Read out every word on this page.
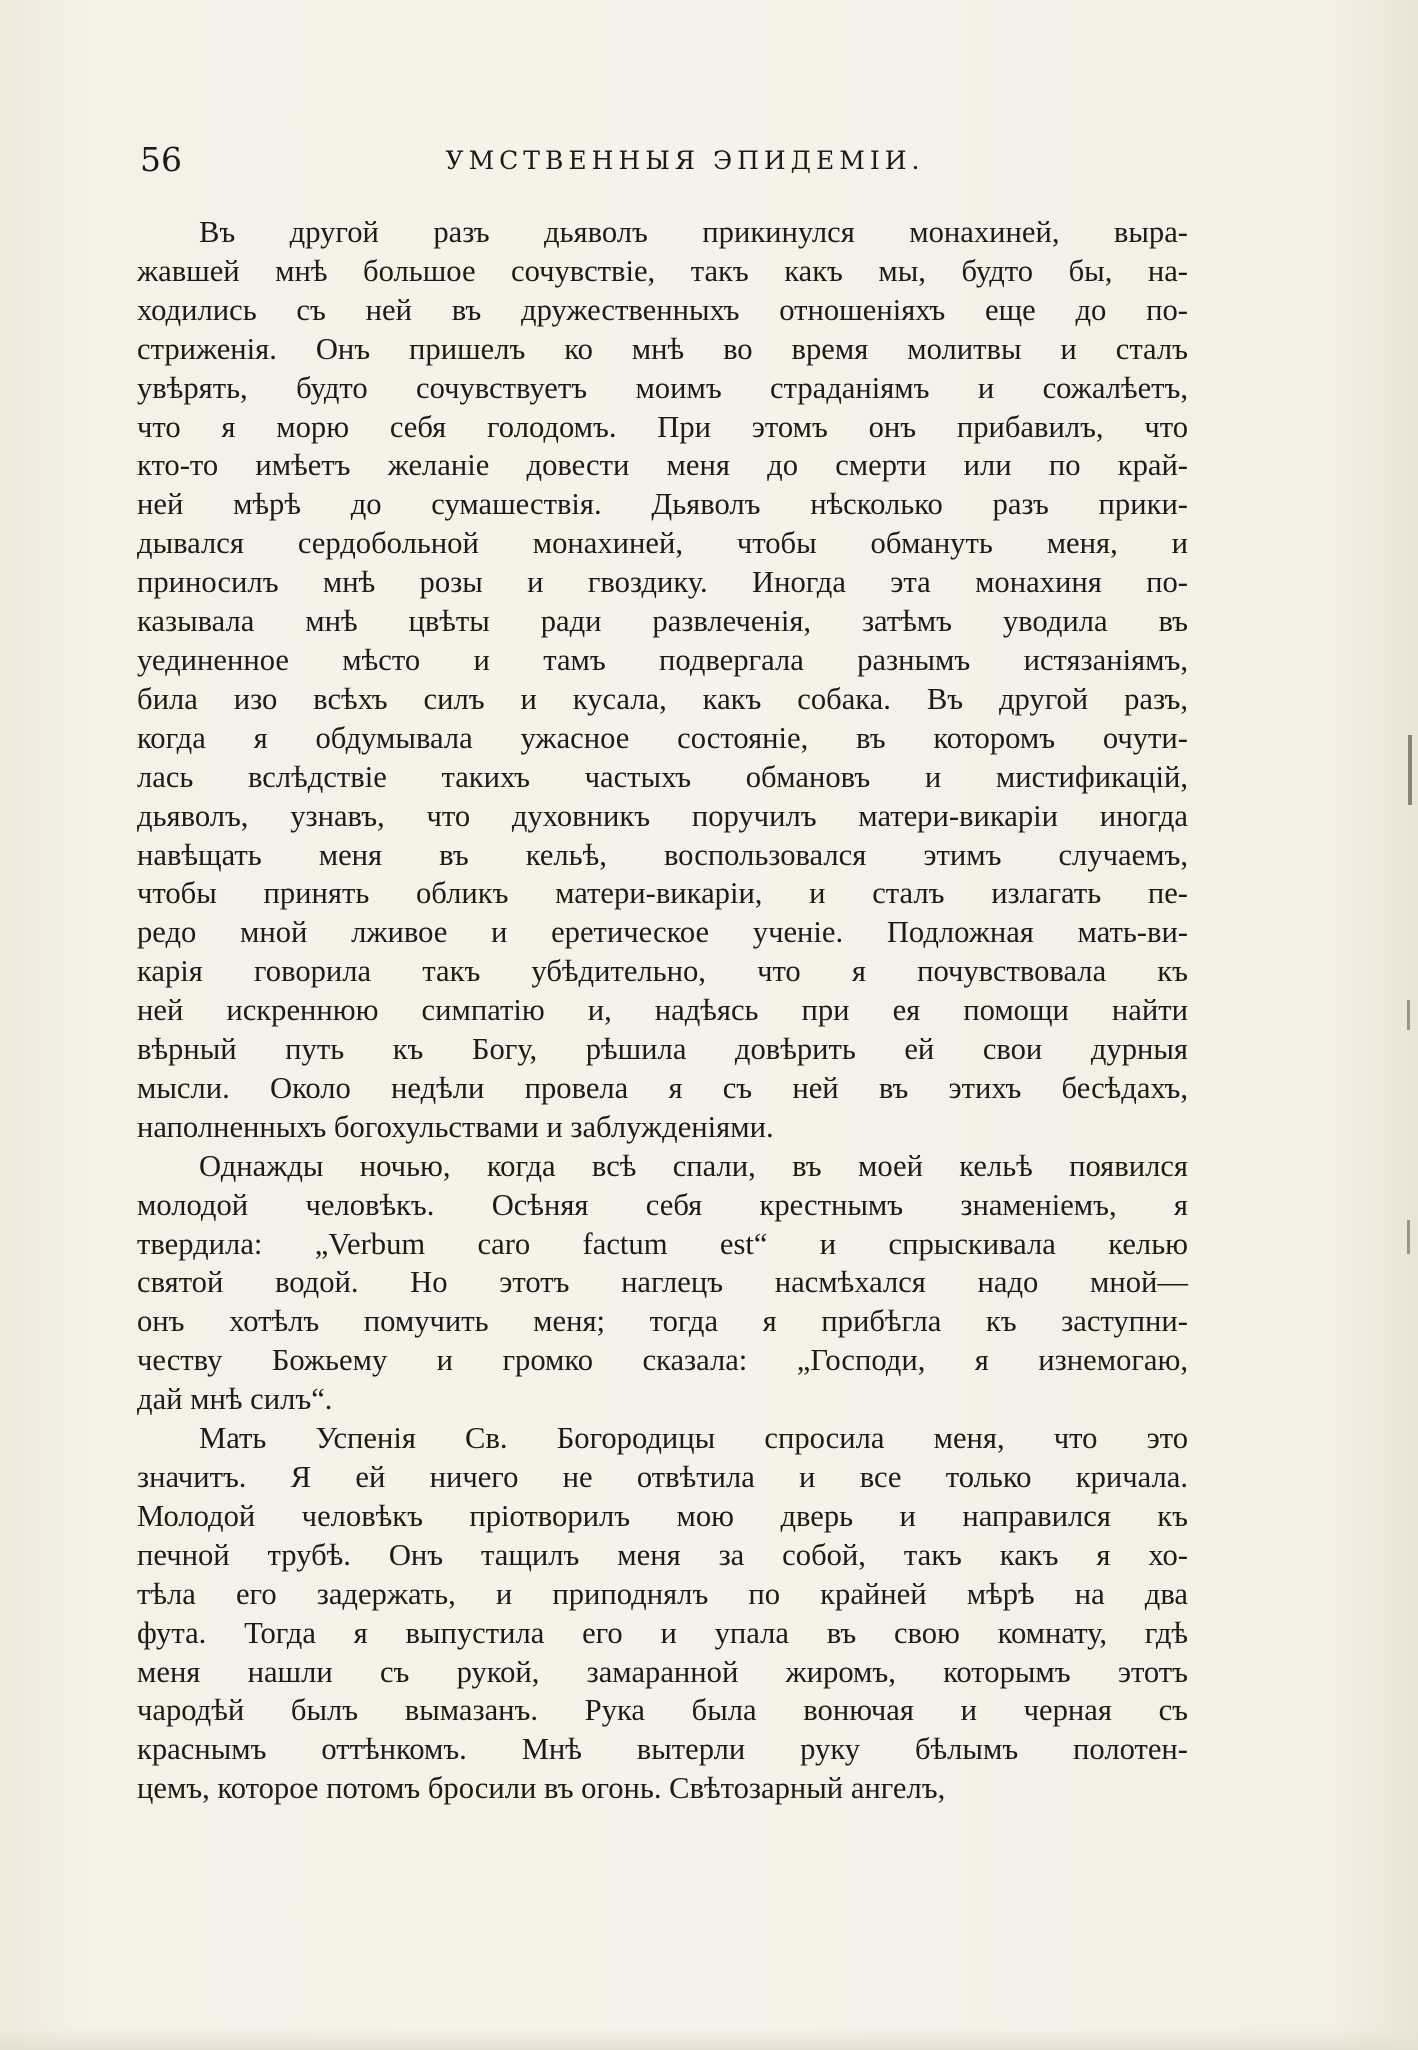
56	УМСТВЕННЫЯ ЭПИДЕМІИ.
Въ другой разъ дьяволъ прикинулся монахиней, выра-
жавшей мнѣ большое сочувствіе, такъ какъ мы, будто бы, на-
ходились съ ней въ дружественныхъ отношеніяхъ еще до по-
стриженія. Онъ пришелъ ко мнѣ во время молитвы и сталъ
увѣрять, будто сочувствуетъ моимъ страданіямъ и сожалѣетъ,
что я морю себя голодомъ. При этомъ онъ прибавилъ, что
кто-то имѣетъ желаніе довести меня до смерти или по край-
ней мѣрѣ до сумашествія. Дьяволъ нѣсколько разъ прики-
дывался сердобольной монахиней, чтобы обмануть меня, и
приносилъ мнѣ розы и гвоздику. Иногда эта монахиня по-
казывала мнѣ цвѣты ради развлеченія, затѣмъ уводила въ
уединенное мѣсто и тамъ подвергала разнымъ истязаніямъ,
била изо всѣхъ силъ и кусала, какъ собака. Въ другой разъ,
когда я обдумывала ужасное состояніе, въ которомъ очути-
лась вслѣдствіе такихъ частыхъ обмановъ и мистификацій,
дьяволъ, узнавъ, что духовникъ поручилъ матери-викаріи иногда
навѣщать меня въ кельѣ, воспользовался этимъ случаемъ,
чтобы принять обликъ матери-викаріи, и сталъ излагать пе-
редо мной лживое и еретическое ученіе. Подложная мать-ви-
карія говорила такъ убѣдительно, что я почувствовала къ
ней искреннюю симпатію и, надѣясь при ея помощи найти
вѣрный путь къ Богу, рѣшила довѣрить ей свои дурныя
мысли. Около недѣли провела я съ ней въ этихъ бесѣдахъ,
наполненныхъ богохульствами и заблужденіями.
Однажды ночью, когда всѣ спали, въ моей кельѣ появился
молодой человѣкъ. Осѣняя себя крестнымъ знаменіемъ, я
твердила: „Verbum caro factum est“ и спрыскивала келью
святой водой. Но этотъ наглецъ насмѣхался надо мной—
онъ хотѣлъ помучить меня; тогда я прибѣгла къ заступни-
честву Божьему и громко сказала: „Господи, я изнемогаю,
дай мнѣ силъ“.
Мать Успенія Св. Богородицы спросила меня, что это
значитъ. Я ей ничего не отвѣтила и все только кричала.
Молодой человѣкъ пріотворилъ мою дверь и направился къ
печной трубѣ. Онъ тащилъ меня за собой, такъ какъ я хо-
тѣла его задержать, и приподнялъ по крайней мѣрѣ на два
фута. Тогда я выпустила его и упала въ свою комнату, гдѣ
меня нашли съ рукой, замаранной жиромъ, которымъ этотъ
чародѣй былъ вымазанъ. Рука была вонючая и черная съ
краснымъ оттѣнкомъ. Мнѣ вытерли руку бѣлымъ полотен-
цемъ, которое потомъ бросили въ огонь. Свѣтозарный ангелъ,
